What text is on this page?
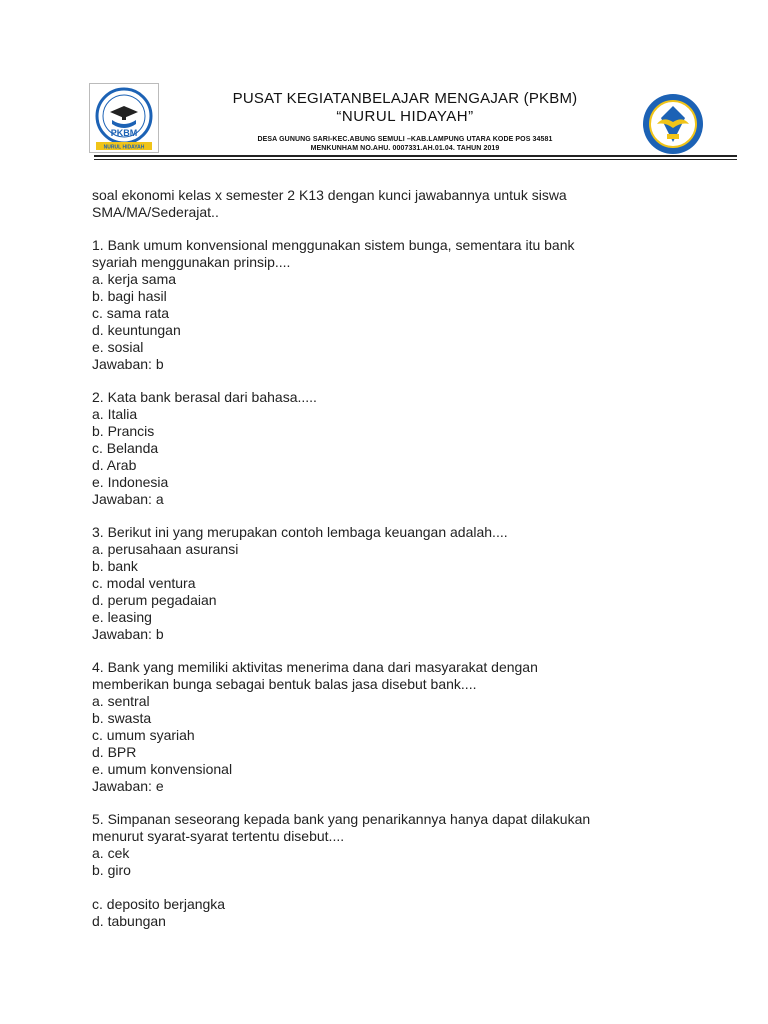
PKBM
NURUL HIDAYAH
PUSAT KEGIATANBELAJAR MENGAJAR (PKBM)
“NURUL HIDAYAH”
DESA GUNUNG SARI-KEC.ABUNG SEMULI –KAB.LAMPUNG UTARA KODE POS 34581
MENKUNHAM NO.AHU. 0007331.AH.01.04. TAHUN 2019
soal ekonomi kelas x semester 2 K13 dengan kunci jawabannya untuk siswa
SMA/MA/Sederajat..
1. Bank umum konvensional menggunakan sistem bunga, sementara itu bank
syariah menggunakan prinsip....
a. kerja sama
b. bagi hasil
c. sama rata
d. keuntungan
e. sosial
Jawaban: b
2. Kata bank berasal dari bahasa.....
a. Italia
b. Prancis
c. Belanda
d. Arab
e. Indonesia
Jawaban: a
3. Berikut ini yang merupakan contoh lembaga keuangan adalah....
a. perusahaan asuransi
b. bank
c. modal ventura
d. perum pegadaian
e. leasing
Jawaban: b
4. Bank yang memiliki aktivitas menerima dana dari masyarakat dengan
memberikan bunga sebagai bentuk balas jasa disebut bank....
a. sentral
b. swasta
c. umum syariah
d. BPR
e. umum konvensional
Jawaban: e
5. Simpanan seseorang kepada bank yang penarikannya hanya dapat dilakukan
menurut syarat-syarat tertentu disebut....
a. cek
b. giro
c. deposito berjangka
d. tabungan
